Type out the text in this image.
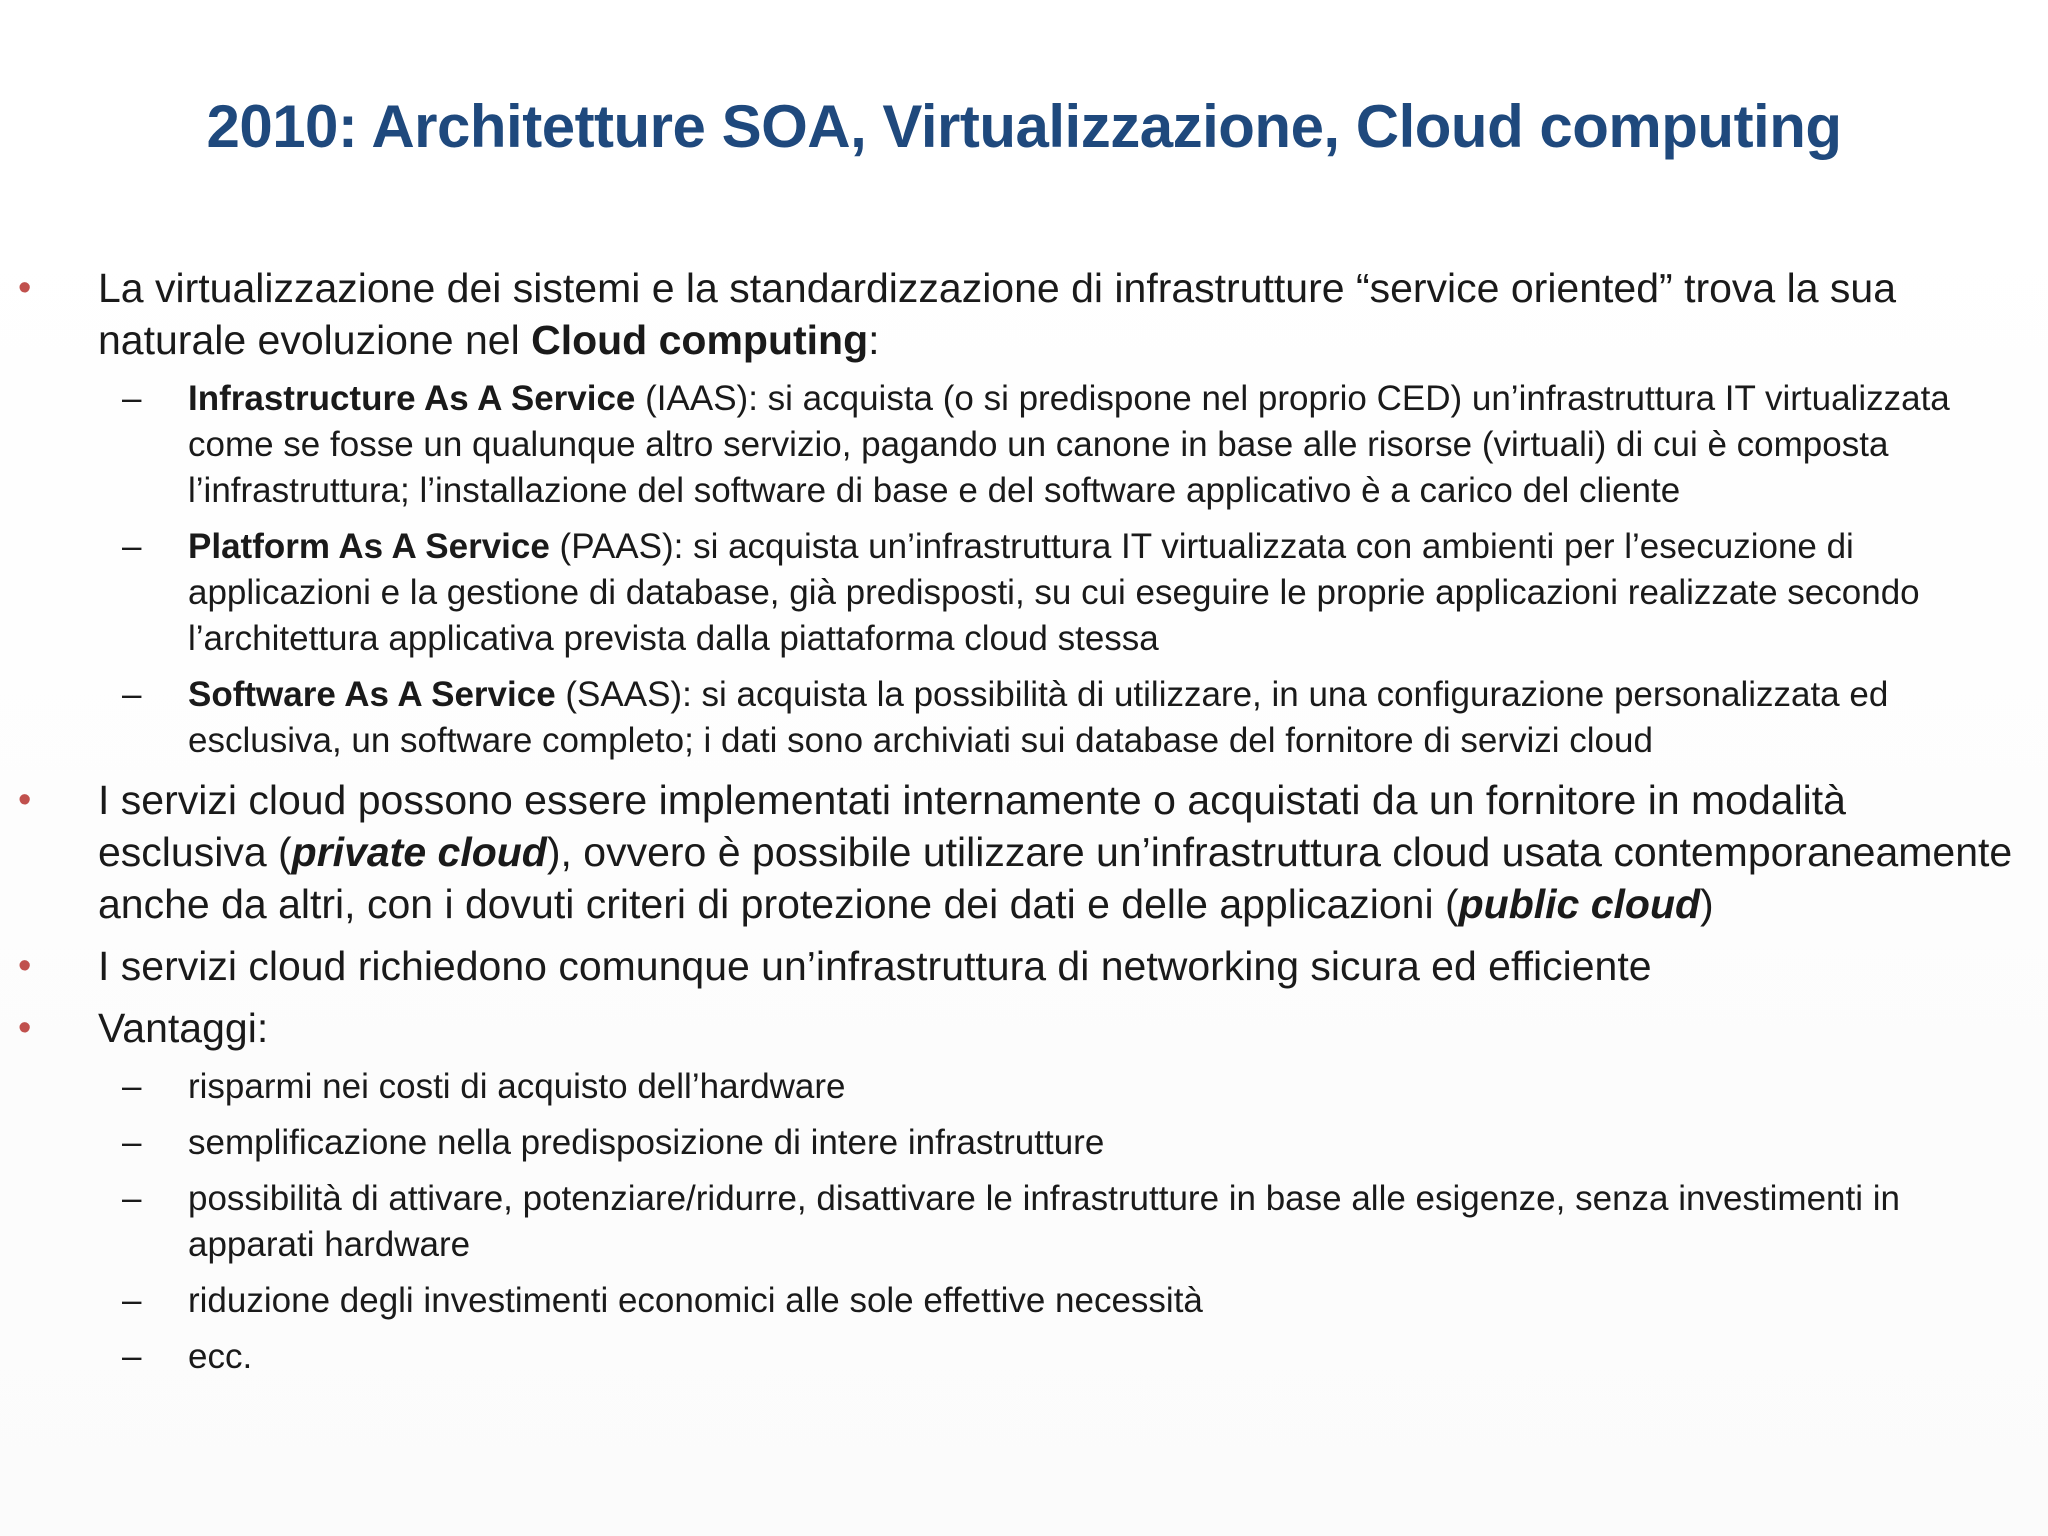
2010: Architetture SOA, Virtualizzazione, Cloud computing
• La virtualizzazione dei sistemi e la standardizzazione di infrastrutture “service oriented” trova la sua naturale evoluzione nel Cloud computing:
– Infrastructure As A Service (IAAS): si acquista (o si predispone nel proprio CED) un’infrastruttura IT virtualizzata come se fosse un qualunque altro servizio, pagando un canone in base alle risorse (virtuali) di cui è composta l’infrastruttura; l’installazione del software di base e del software applicativo è a carico del cliente
– Platform As A Service (PAAS): si acquista un’infrastruttura IT virtualizzata con ambienti per l’esecuzione di applicazioni e la gestione di database, già predisposti, su cui eseguire le proprie applicazioni realizzate secondo l’architettura applicativa prevista dalla piattaforma cloud stessa
– Software As A Service (SAAS): si acquista la possibilità di utilizzare, in una configurazione personalizzata ed esclusiva, un software completo; i dati sono archiviati sui database del fornitore di servizi cloud
• I servizi cloud possono essere implementati internamente o acquistati da un fornitore in modalità esclusiva (private cloud), ovvero è possibile utilizzare un’infrastruttura cloud usata contemporaneamente anche da altri, con i dovuti criteri di protezione dei dati e delle applicazioni (public cloud)
• I servizi cloud richiedono comunque un’infrastruttura di networking sicura ed efficiente
• Vantaggi:
– risparmi nei costi di acquisto dell’hardware
– semplificazione nella predisposizione di intere infrastrutture
– possibilità di attivare, potenziare/ridurre, disattivare le infrastrutture in base alle esigenze, senza investimenti in apparati hardware
– riduzione degli investimenti economici alle sole effettive necessità
– ecc.
